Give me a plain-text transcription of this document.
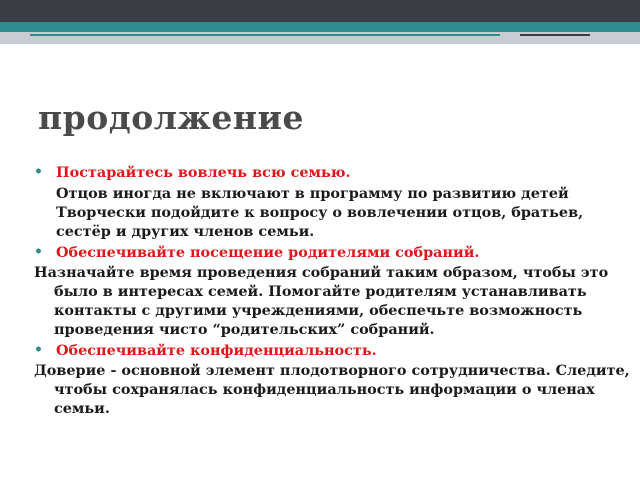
продолжение
• Постарайтесь вовлечь всю семью.
Отцов иногда не включают в программу по развитию детей Творчески подойдите к вопросу о вовлечении отцов, братьев, сестёр и других членов семьи.
• Обеспечивайте посещение родителями собраний.
Назначайте время проведения собраний таким образом, чтобы это было в интересах семей. Помогайте родителям устанавливать контакты с другими учреждениями, обеспечьте возможность проведения чисто “родительских” собраний.
• Обеспечивайте конфиденциальность.
Доверие - основной элемент плодотворного сотрудничества. Следите, чтобы сохранялась конфиденциальность информации о членах семьи.
